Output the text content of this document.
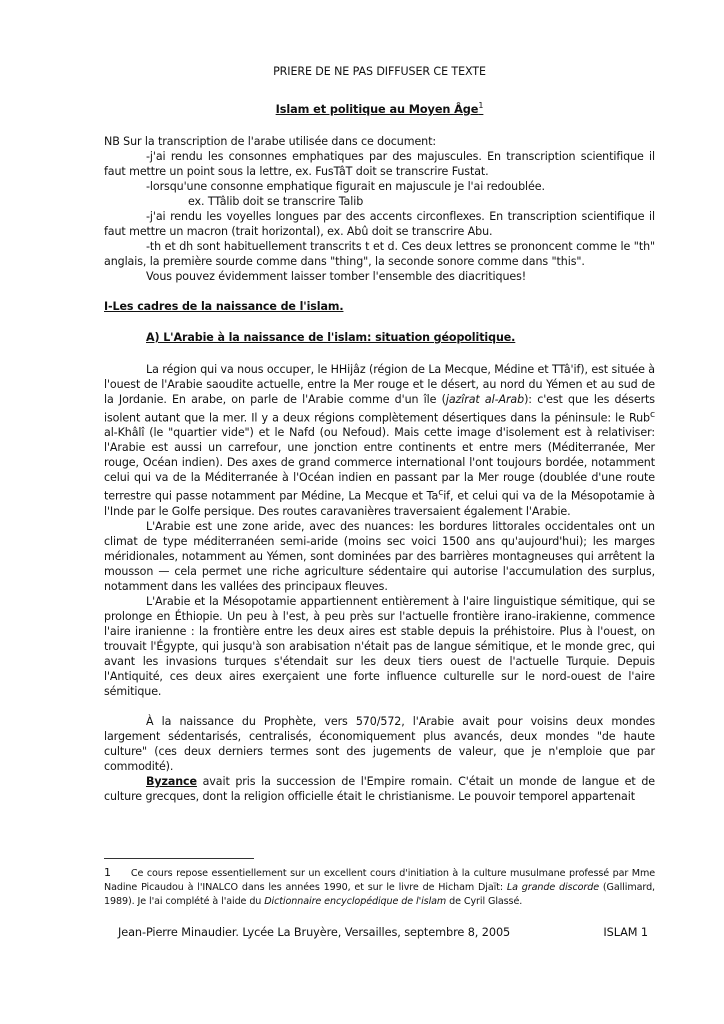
PRIERE DE NE PAS DIFFUSER CE TEXTE
Islam et politique au Moyen Âge$^1$

NB Sur la transcription de l'arabe utilisée dans ce document:

-j'ai rendu les consonnes emphatiques par des majuscules. En transcription scientifique il faut mettre un point sous la lettre, ex. FusTâT doit se transcrire Fustat.

-lorsqu'une consonne emphatique figurait en majuscule je l'ai redoublée.

ex. TTâlib doit se transcrire Talib

-j'ai rendu les voyelles longues par des accents circonflexes. En transcription scientifique il faut mettre un macron (trait horizontal), ex. Abû doit se transcrire Abu.

-th et dh sont habituellement transcrits t et d. Ces deux lettres se prononcent comme le "th" anglais, la première sourde comme dans "thing", la seconde sonore comme dans "this".

Vous pouvez évidemment laisser tomber l'ensemble des diacritiques!

I-Les cadres de la naissance de l'islam.
A) L'Arabie à la naissance de l'islam: situation géopolitique.

La région qui va nous occuper, le HHijâz (région de La Mecque, Médine et TTâ'if), est située à l'ouest de l'Arabie saoudite actuelle, entre la Mer rouge et le désert, au nord du Yémen et au sud de la Jordanie. En arabe, on parle de l'Arabie comme d'un île (jazîrat al-Arab): c'est que les déserts isolent autant que la mer. Il y a deux régions complètement désertiques dans la péninsule: le Rub$^c$ al-Khâlî (le "quartier vide") et le Nafd (ou Nefoud). Mais cette image d'isolement est à relativiser: l'Arabie est aussi un carrefour, une jonction entre continents et entre mers (Méditerranée, Mer rouge, Océan indien). Des axes de grand commerce international l'ont toujours bordée, notamment celui qui va de la Méditerranée à l'Océan indien en passant par la Mer rouge (doublée d'une route terrestre qui passe notamment par Médine, La Mecque et Ta$^c$if, et celui qui va de la Mésopotamie à l'Inde par le Golfe persique. Des routes caravanières traversaient également l'Arabie.

L'Arabie est une zone aride, avec des nuances: les bordures littorales occidentales ont un climat de type méditerranéen semi-aride (moins sec voici 1500 ans qu'aujourd'hui); les marges méridionales, notamment au Yémen, sont dominées par des barrières montagneuses qui arrêtent la mousson — cela permet une riche agriculture sédentaire qui autorise l'accumulation des surplus, notamment dans les vallées des principaux fleuves.

L'Arabie et la Mésopotamie appartiennent entièrement à l'aire linguistique sémitique, qui se prolonge en Éthiopie. Un peu à l'est, à peu près sur l'actuelle frontière irano-irakienne, commence l'aire iranienne : la frontière entre les deux aires est stable depuis la préhistoire. Plus à l'ouest, on trouvait l'Égypte, qui jusqu'à son arabisation n'était pas de langue sémitique, et le monde grec, qui avant les invasions turques s'étendait sur les deux tiers ouest de l'actuelle Turquie. Depuis l'Antiquité, ces deux aires exerçaient une forte influence culturelle sur le nord-ouest de l'aire sémitique.

À la naissance du Prophète, vers 570/572, l'Arabie avait pour voisins deux mondes largement sédentarisés, centralisés, économiquement plus avancés, deux mondes "de haute culture" (ces deux derniers termes sont des jugements de valeur, que je n'emploie que par commodité).

Byzance avait pris la succession de l'Empire romain. C'était un monde de langue et de culture grecques, dont la religion officielle était le christianisme. Le pouvoir temporel appartenait

1 Ce cours repose essentiellement sur un excellent cours d'initiation à la culture musulmane professé par Mme Nadine Picaudou à l'INALCO dans les années 1990, et sur le livre de Hicham Djaït: La grande discorde (Gallimard, 1989). Je l'ai complété à l'aide du Dictionnaire encyclopédique de l'islam de Cyril Glassé.
Jean-Pierre Minaudier. Lycée La Bruyère, Versailles, septembre 8, 2005	ISLAM 1
